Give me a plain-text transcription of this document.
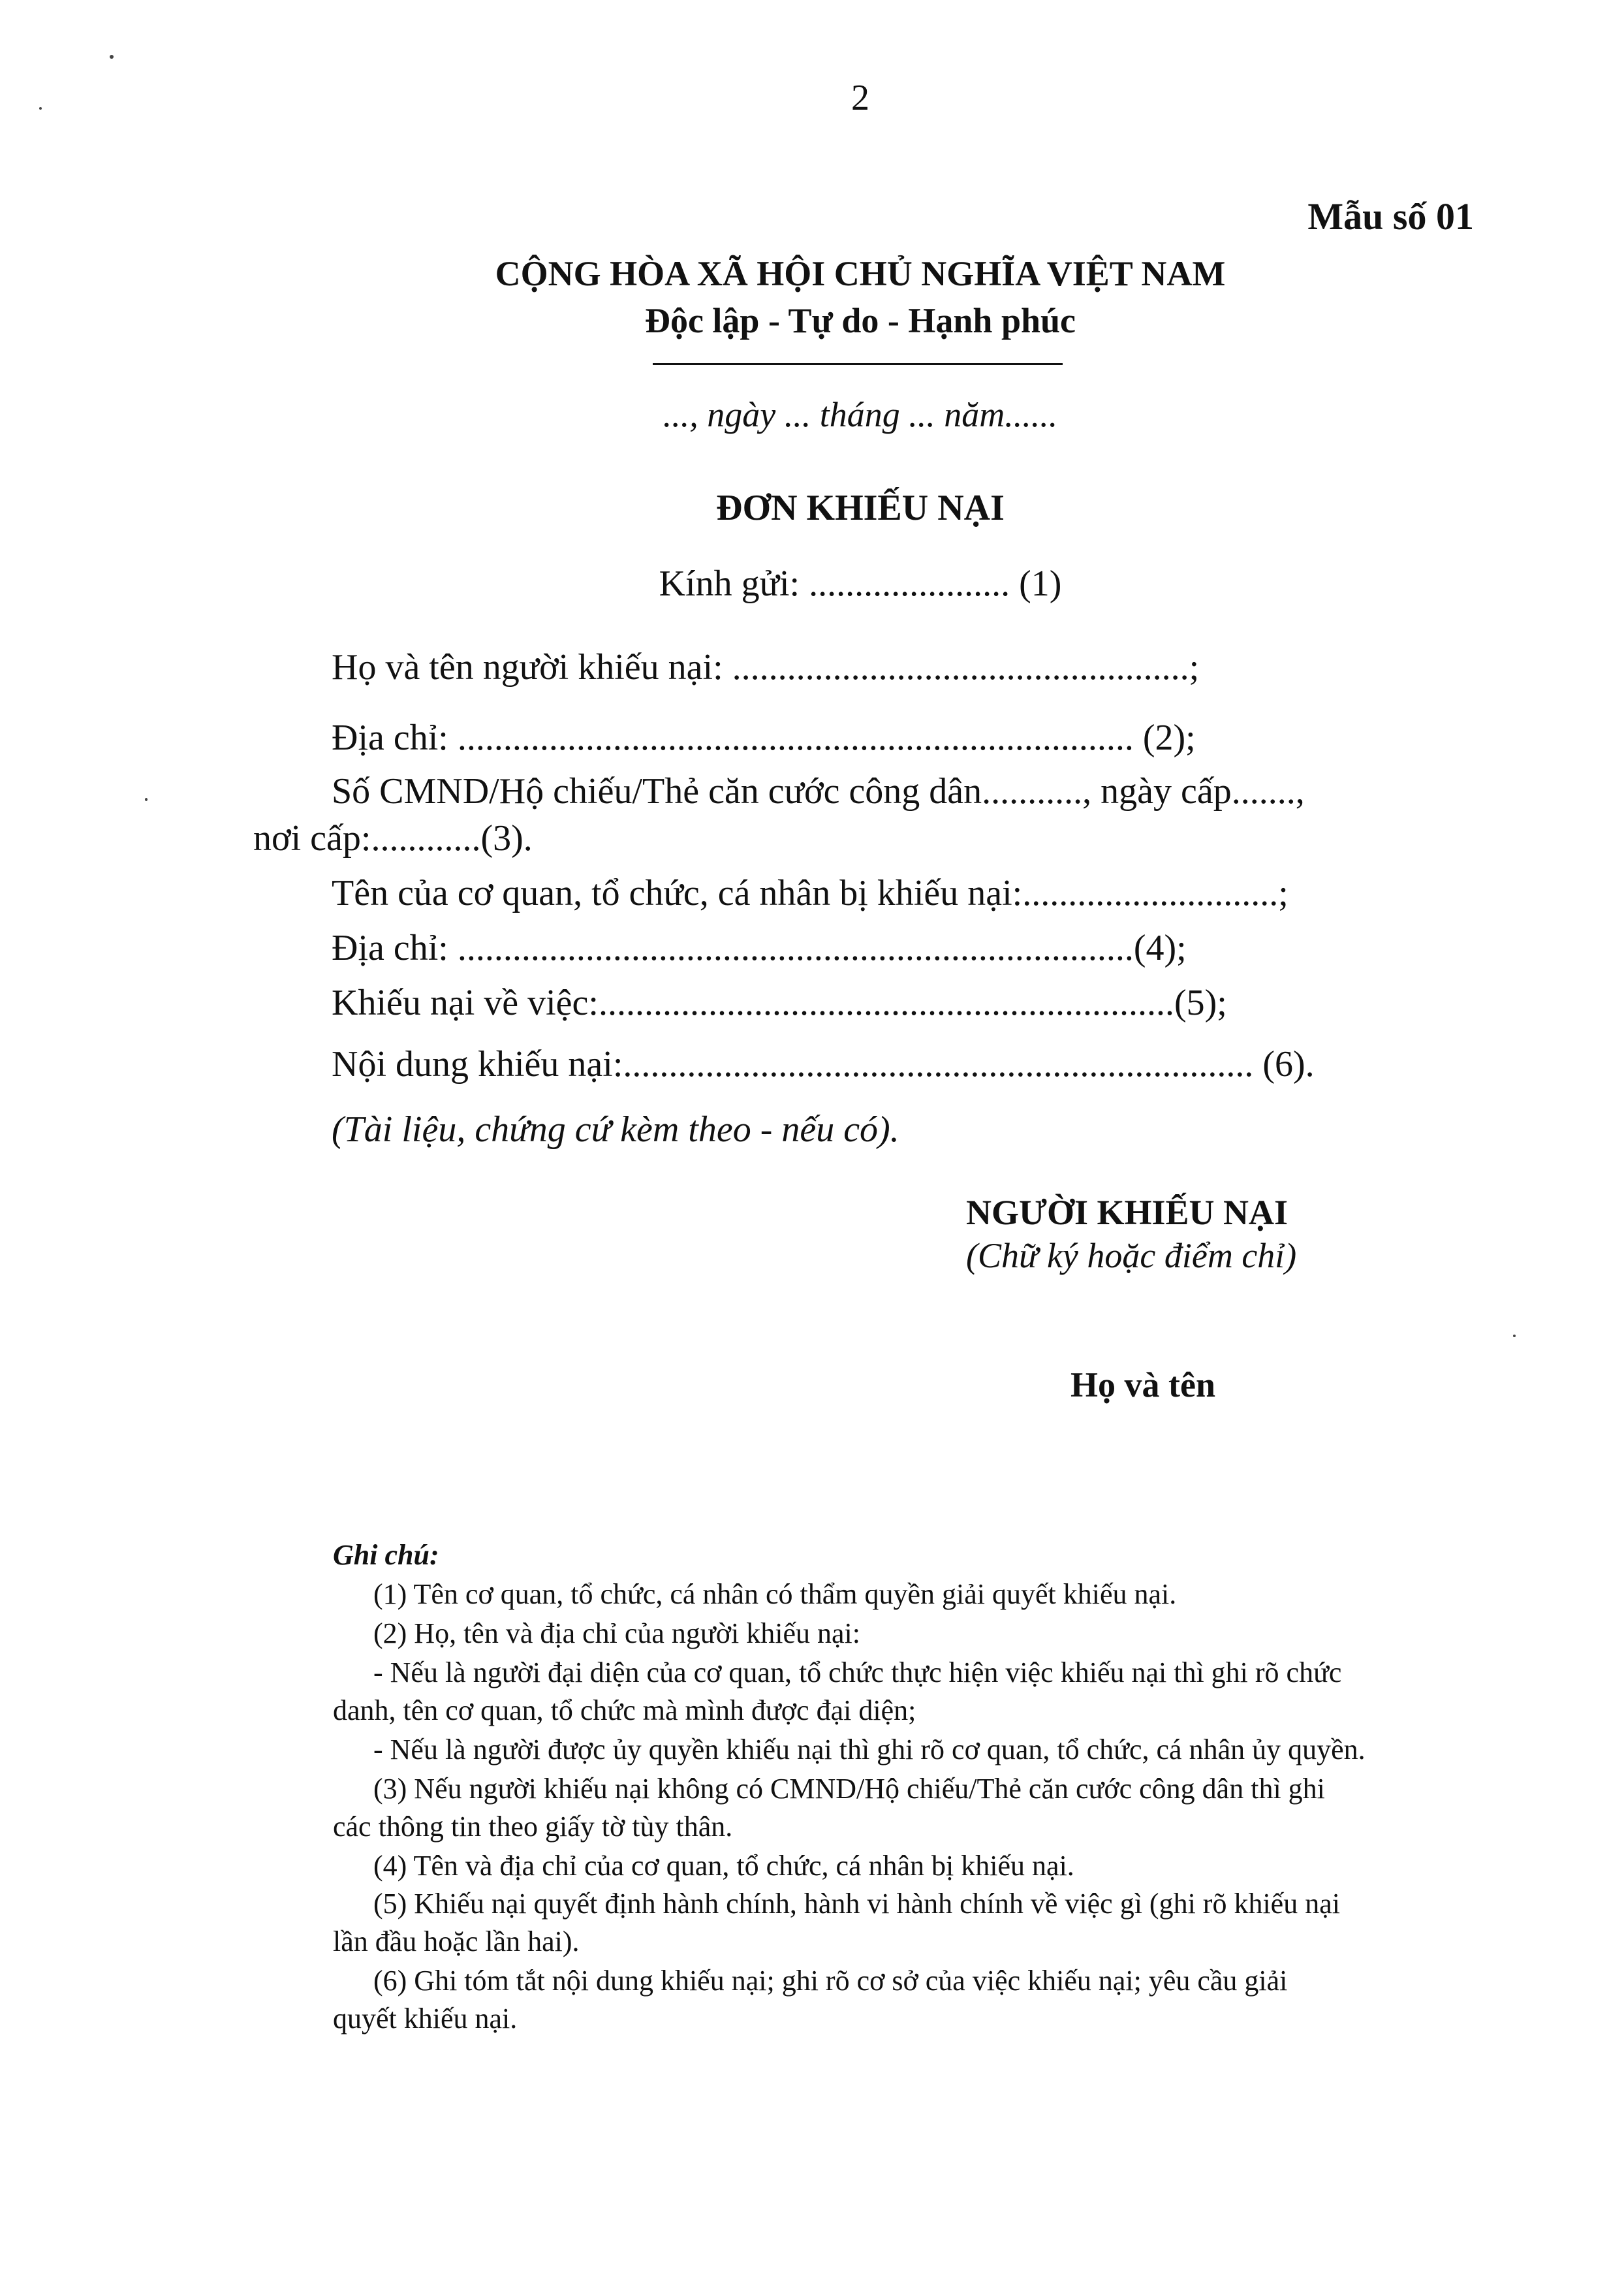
2
Mẫu số 01
CỘNG HÒA XÃ HỘI CHỦ NGHĨA VIỆT NAM
Độc lập - Tự do - Hạnh phúc
..., ngày ... tháng ... năm......
ĐƠN KHIẾU NẠI
Kính gửi: ...................... (1)
Họ và tên người khiếu nại: ..................................................;
Địa chỉ: .......................................................................... (2);
Số CMND/Hộ chiếu/Thẻ căn cước công dân..........., ngày cấp.......,
nơi cấp:............(3).
Tên của cơ quan, tổ chức, cá nhân bị khiếu nại:............................;
Địa chỉ: ..........................................................................(4);
Khiếu nại về việc:...............................................................(5);
Nội dung khiếu nại:..................................................................... (6).
(Tài liệu, chứng cứ kèm theo - nếu có).
NGƯỜI KHIẾU NẠI
(Chữ ký hoặc điểm chỉ)
Họ và tên
Ghi chú:
(1) Tên cơ quan, tổ chức, cá nhân có thẩm quyền giải quyết khiếu nại.
(2) Họ, tên và địa chỉ của người khiếu nại:
- Nếu là người đại diện của cơ quan, tổ chức thực hiện việc khiếu nại thì ghi rõ chức
danh, tên cơ quan, tổ chức mà mình được đại diện;
- Nếu là người được ủy quyền khiếu nại thì ghi rõ cơ quan, tổ chức, cá nhân ủy quyền.
(3) Nếu người khiếu nại không có CMND/Hộ chiếu/Thẻ căn cước công dân thì ghi
các thông tin theo giấy tờ tùy thân.
(4) Tên và địa chỉ của cơ quan, tổ chức, cá nhân bị khiếu nại.
(5) Khiếu nại quyết định hành chính, hành vi hành chính về việc gì (ghi rõ khiếu nại
lần đầu hoặc lần hai).
(6) Ghi tóm tắt nội dung khiếu nại; ghi rõ cơ sở của việc khiếu nại; yêu cầu giải
quyết khiếu nại.
